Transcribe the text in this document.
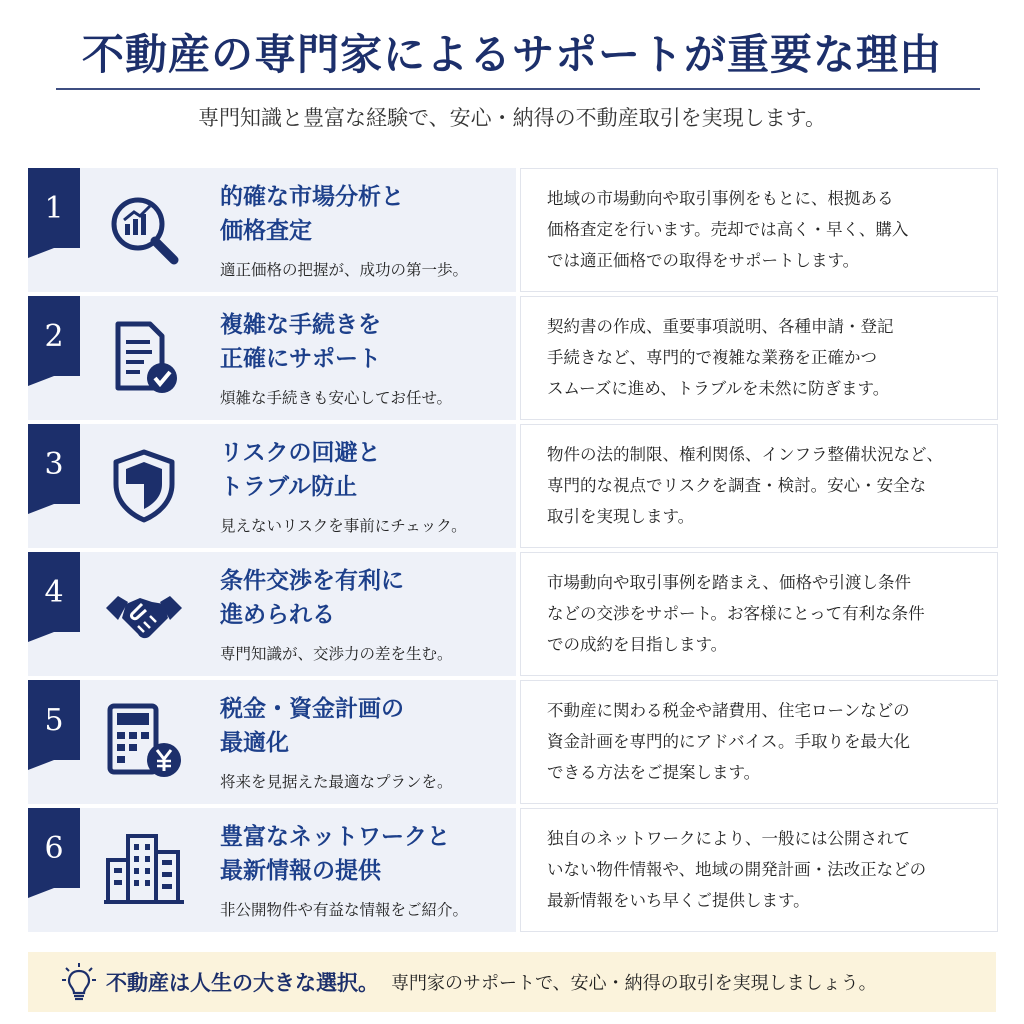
不動産の専門家によるサポートが重要な理由
専門知識と豊富な経験で、安心・納得の不動産取引を実現します。
1	的確な市場分析と
価格査定
適正価格の把握が、成功の第一歩。
地域の市場動向や取引事例をもとに、根拠ある
価格査定を行います。売却では高く・早く、購入
では適正価格での取得をサポートします。
2	複雑な手続きを
正確にサポート
煩雑な手続きも安心してお任せ。
契約書の作成、重要事項説明、各種申請・登記
手続きなど、専門的で複雑な業務を正確かつ
スムーズに進め、トラブルを未然に防ぎます。
3	リスクの回避と
トラブル防止
見えないリスクを事前にチェック。
物件の法的制限、権利関係、インフラ整備状況など、
専門的な視点でリスクを調査・検討。安心・安全な
取引を実現します。
4	条件交渉を有利に
進められる
専門知識が、交渉力の差を生む。
市場動向や取引事例を踏まえ、価格や引渡し条件
などの交渉をサポート。お客様にとって有利な条件
での成約を目指します。
5	税金・資金計画の
最適化
将来を見据えた最適なプランを。
不動産に関わる税金や諸費用、住宅ローンなどの
資金計画を専門的にアドバイス。手取りを最大化
できる方法をご提案します。
6	豊富なネットワークと
最新情報の提供
非公開物件や有益な情報をご紹介。
独自のネットワークにより、一般には公開されて
いない物件情報や、地域の開発計画・法改正などの
最新情報をいち早くご提供します。
不動産は人生の大きな選択。 専門家のサポートで、安心・納得の取引を実現しましょう。
